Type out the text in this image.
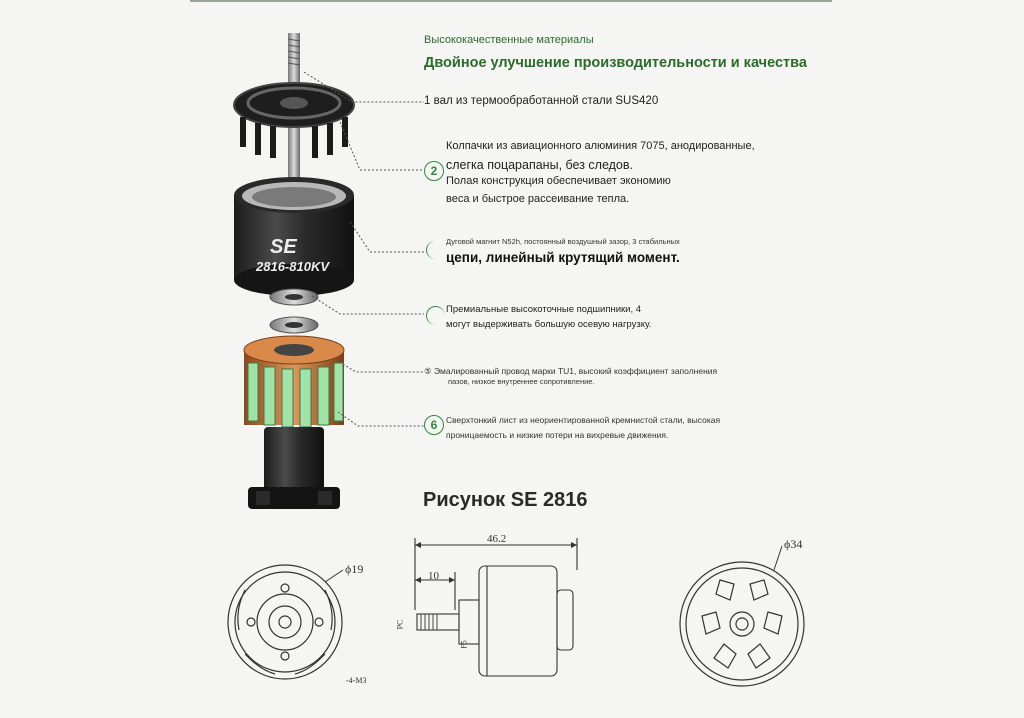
SE
2816-810KV
Высококачественные материалы
Двойное улучшение производительности и качества
1 вал из термообработанной стали SUS420
2
Колпачки из авиационного алюминия 7075, анодированные,
слегка поцарапаны, без следов.
Полая конструкция обеспечивает экономию
веса и быстрое рассеивание тепла.
Дуговой магнит N52h, постоянный воздушный зазор, 3 стабильных
цепи, линейный крутящий момент.
Премиальные высокоточные подшипники, 4
могут выдерживать большую осевую нагрузку.
⑤ Эмалированный провод марки TU1, высокий коэффициент заполнения
пазов, низкое внутреннее сопротивление.
6	Сверхтонкий лист из неориентированной кремнистой стали, высокая
проницаемость и низкие потери на вихревые движения.
Рисунок SE 2816
ϕ19
-4-M3
46.2
10
PC
F5
ϕ34
